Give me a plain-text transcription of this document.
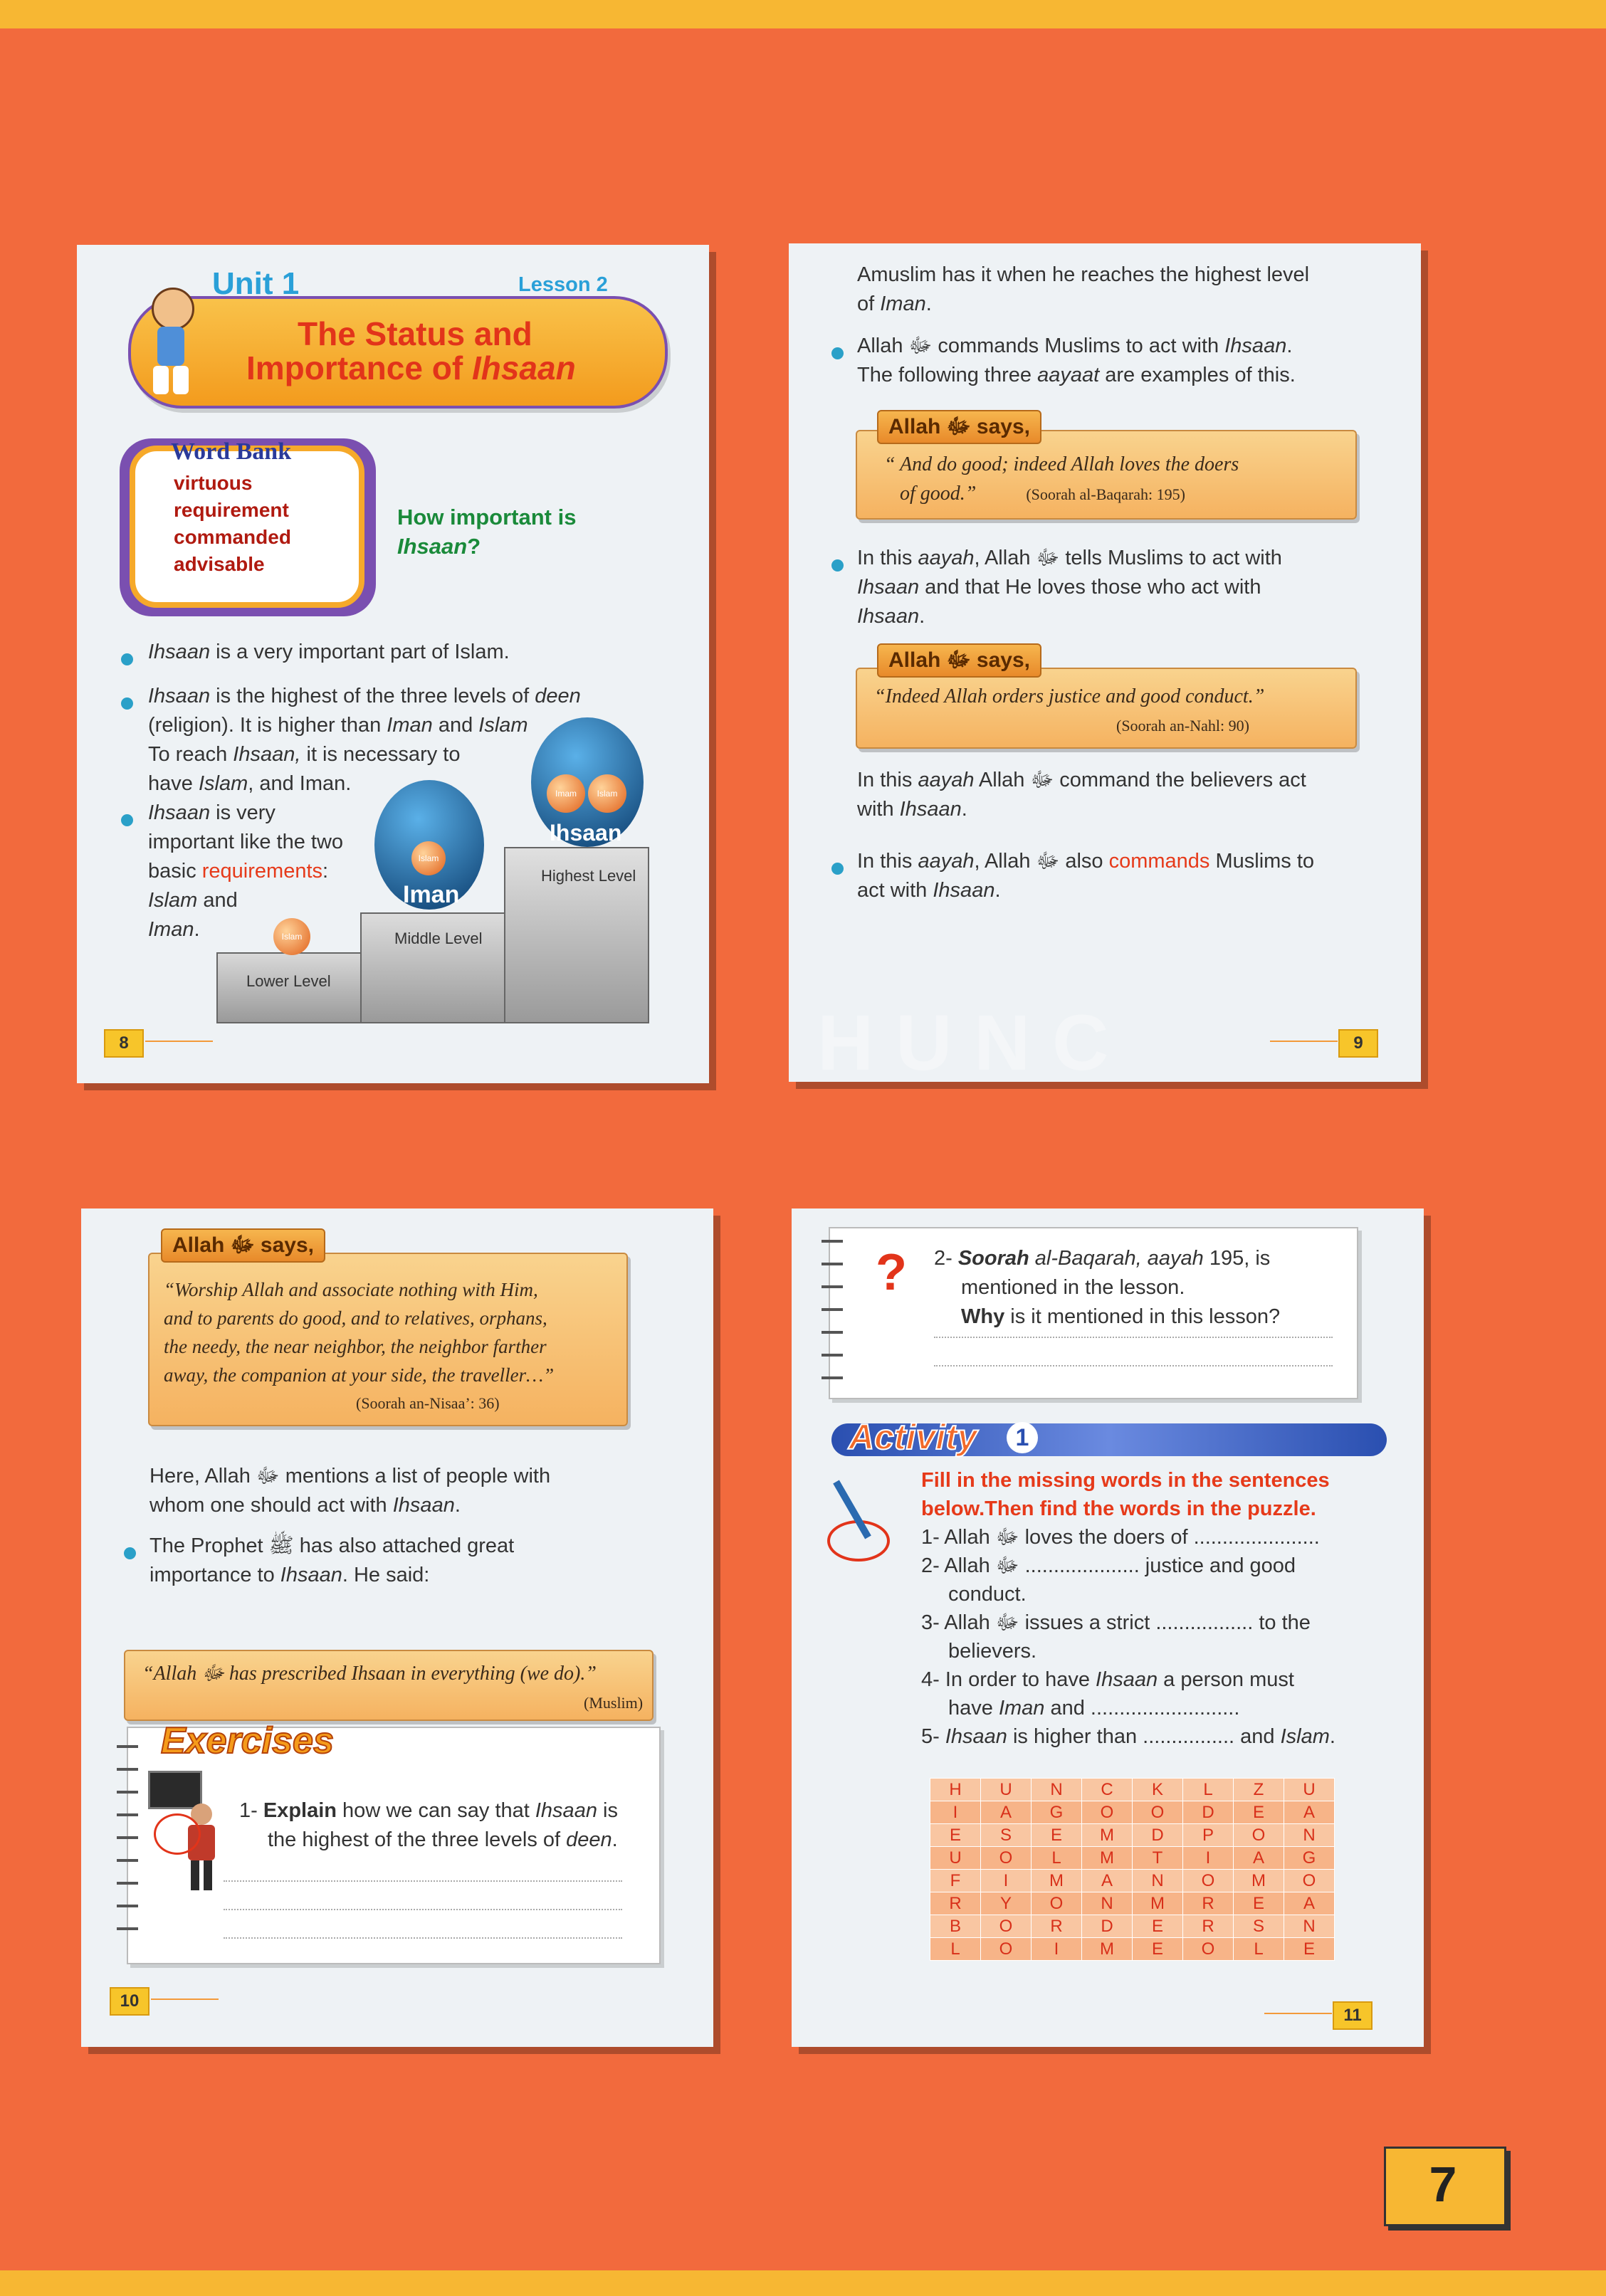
Unit 1	Lesson 2
The Status and
Importance of Ihsaan
Word Bank
virtuous
requirement
commanded
advisable
How important is
Ihsaan?
Ihsaan is a very important part of Islam.
Ihsaan is the highest of the three levels of deen
(religion). It is higher than Iman and Islam
To reach Ihsaan, it is necessary to
have Islam, and Iman.
Ihsaan is very
important like the two
basic requirements:
Islam and
Iman.
Lower Level
Middle Level
Highest Level
Islam
Islam
Iman
Imam	Islam
Ihsaan
8	H U N C
Amuslim has it when he reaches the highest level
of Iman.
Allah ﷻ commands Muslims to act with Ihsaan.
The following three aayaat are examples of this.
“ And do good; indeed Allah loves the doers
of good.”	(Soorah al-Baqarah: 195)
Allah ﷻ says,
In this aayah, Allah ﷻ tells Muslims to act with
Ihsaan and that He loves those who act with
Ihsaan.
“Indeed Allah orders justice and good conduct.”
(Soorah an-Nahl: 90)
Allah ﷻ says,
In this aayah Allah ﷻ command the believers act
with Ihsaan.
In this aayah, Allah ﷻ also commands Muslims to
act with Ihsaan.
9
“Worship Allah and associate nothing with Him,
and to parents do good, and to relatives, orphans,
the needy, the near neighbor, the neighbor farther
away, the companion at your side, the traveller…”
(Soorah an-Nisaa’: 36)
Allah ﷻ says,
Here, Allah ﷻ mentions a list of people with
whom one should act with Ihsaan.
The Prophet ﷺ has also attached great
importance to Ihsaan. He said:
“Allah ﷻ has prescribed Ihsaan in everything (we do).”
(Muslim)
Exercises
1- Explain how we can say that Ihsaan is
the highest of the three levels of deen.
10
?	2- Soorah al-Baqarah, aayah 195, is
mentioned in the lesson.
Why is it mentioned in this lesson?
Activity	1
Fill in the missing words in the sentences
below.Then find the words in the puzzle.
1- Allah ﷻ loves the doers of ......................
2- Allah ﷻ .................... justice and good
conduct.
3- Allah ﷻ issues a strict ................. to the
believers.
4- In order to have Ihsaan a person must
have Iman and ..........................
5- Ihsaan is higher than ................ and Islam.
H	U	N	C	K	L	Z	U
I	A	G	O	O	D	E	A
E	S	E	M	D	P	O	N
U	O	L	M	T	I	A	G
F	I	M	A	N	O	M	O
R	Y	O	N	M	R	E	A
B	O	R	D	E	R	S	N
L	O	I	M	E	O	L	E
11
7
